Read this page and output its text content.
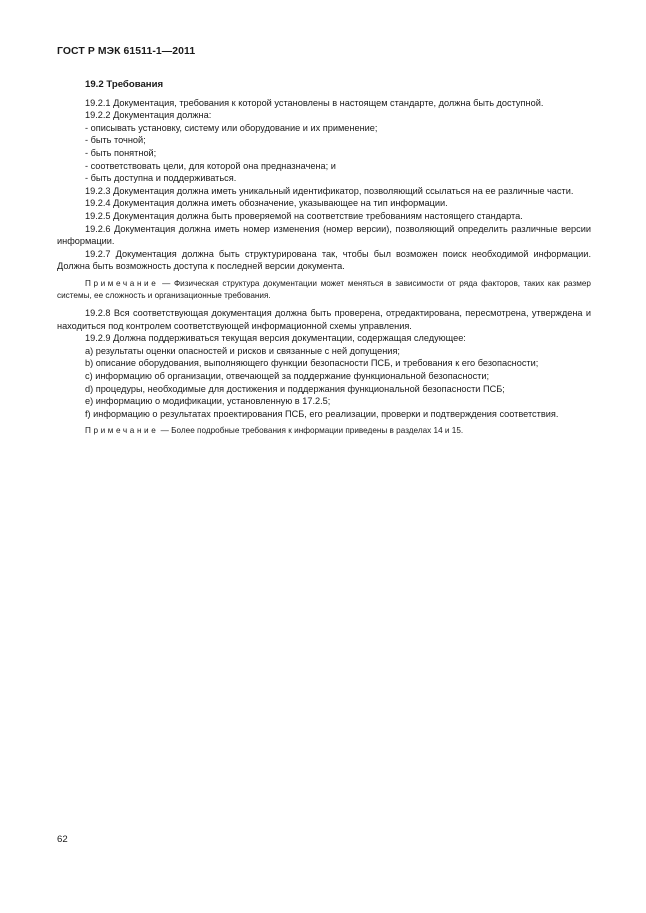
ГОСТ Р МЭК 61511-1—2011
19.2 Требования

19.2.1 Документация, требования к которой установлены в настоящем стандарте, должна быть доступной.

19.2.2 Документация должна:

- описывать установку, систему или оборудование и их применение;

- быть точной;

- быть понятной;

- соответствовать цели, для которой она предназначена; и

- быть доступна и поддерживаться.

19.2.3 Документация должна иметь уникальный идентификатор, позволяющий ссылаться на ее различные части.

19.2.4 Документация должна иметь обозначение, указывающее на тип информации.

19.2.5 Документация должна быть проверяемой на соответствие требованиям настоящего стандарта.

19.2.6 Документация должна иметь номер изменения (номер версии), позволяющий определить различные версии информации.

19.2.7 Документация должна быть структурирована так, чтобы был возможен поиск необходимой информации. Должна быть возможность доступа к последней версии документа.

Примечание — Физическая структура документации может меняться в зависимости от ряда факторов, таких как размер системы, ее сложность и организационные требования.

19.2.8 Вся соответствующая документация должна быть проверена, отредактирована, пересмотрена, утверждена и находиться под контролем соответствующей информационной схемы управления.

19.2.9 Должна поддерживаться текущая версия документации, содержащая следующее:

a) результаты оценки опасностей и рисков и связанные с ней допущения;

b) описание оборудования, выполняющего функции безопасности ПСБ, и требования к его безопасности;

c) информацию об организации, отвечающей за поддержание функциональной безопасности;

d) процедуры, необходимые для достижения и поддержания функциональной безопасности ПСБ;

e) информацию о модификации, установленную в 17.2.5;

f) информацию о результатах проектирования ПСБ, его реализации, проверки и подтверждения соответствия.

Примечание — Более подробные требования к информации приведены в разделах 14 и 15.

62
